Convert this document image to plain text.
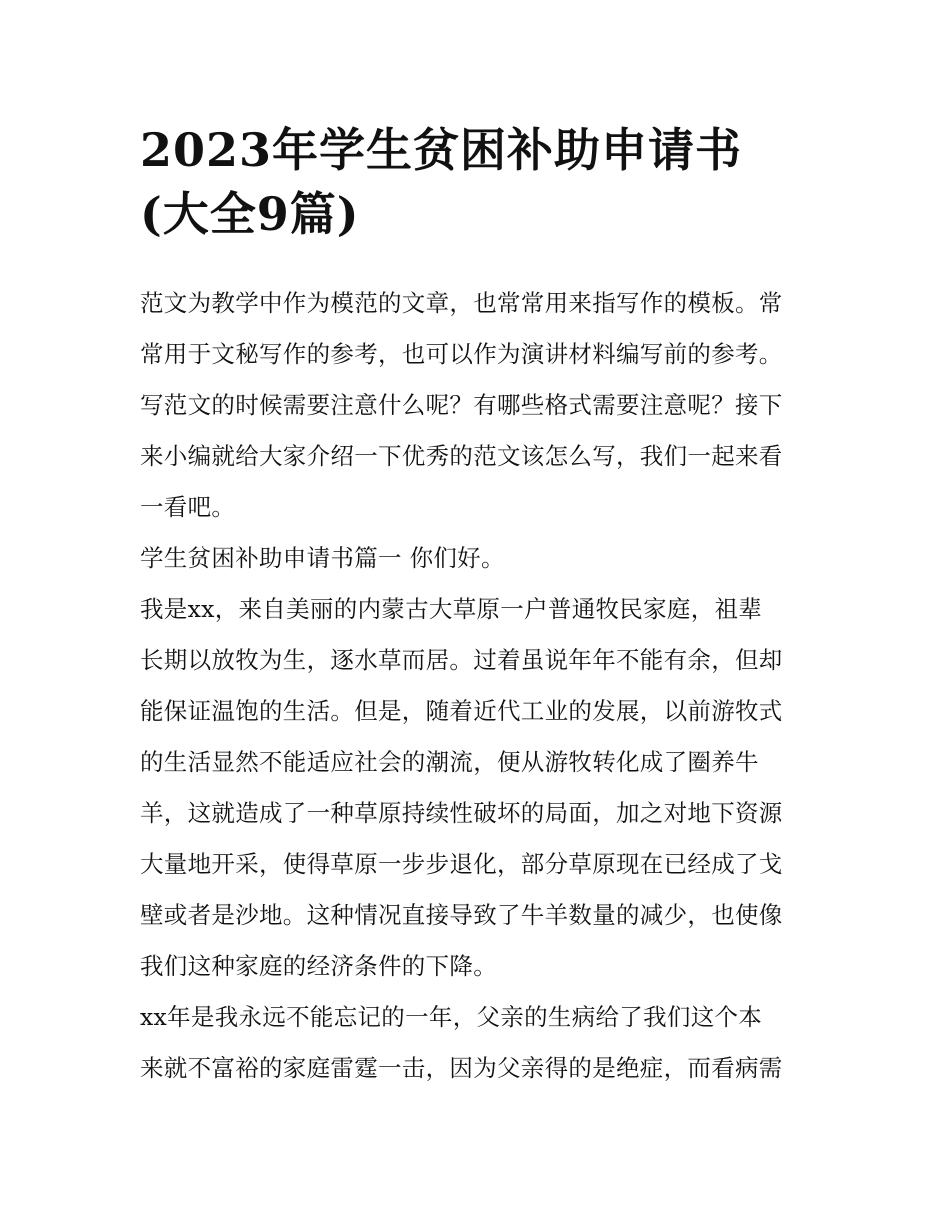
2023年学生贫困补助申请书
(大全9篇)
范文为教学中作为模范的文章，也常常用来指写作的模板。常
常用于文秘写作的参考，也可以作为演讲材料编写前的参考。
写范文的时候需要注意什么呢？有哪些格式需要注意呢？接下
来小编就给大家介绍一下优秀的范文该怎么写，我们一起来看
一看吧。
学生贫困补助申请书篇一 你们好。
我是xx，来自美丽的内蒙古大草原一户普通牧民家庭，祖辈
长期以放牧为生，逐水草而居。过着虽说年年不能有余，但却
能保证温饱的生活。但是，随着近代工业的发展，以前游牧式
的生活显然不能适应社会的潮流，便从游牧转化成了圈养牛
羊，这就造成了一种草原持续性破坏的局面，加之对地下资源
大量地开采，使得草原一步步退化，部分草原现在已经成了戈
壁或者是沙地。这种情况直接导致了牛羊数量的减少，也使像
我们这种家庭的经济条件的下降。
xx年是我永远不能忘记的一年，父亲的生病给了我们这个本
来就不富裕的家庭雷霆一击，因为父亲得的是绝症，而看病需
